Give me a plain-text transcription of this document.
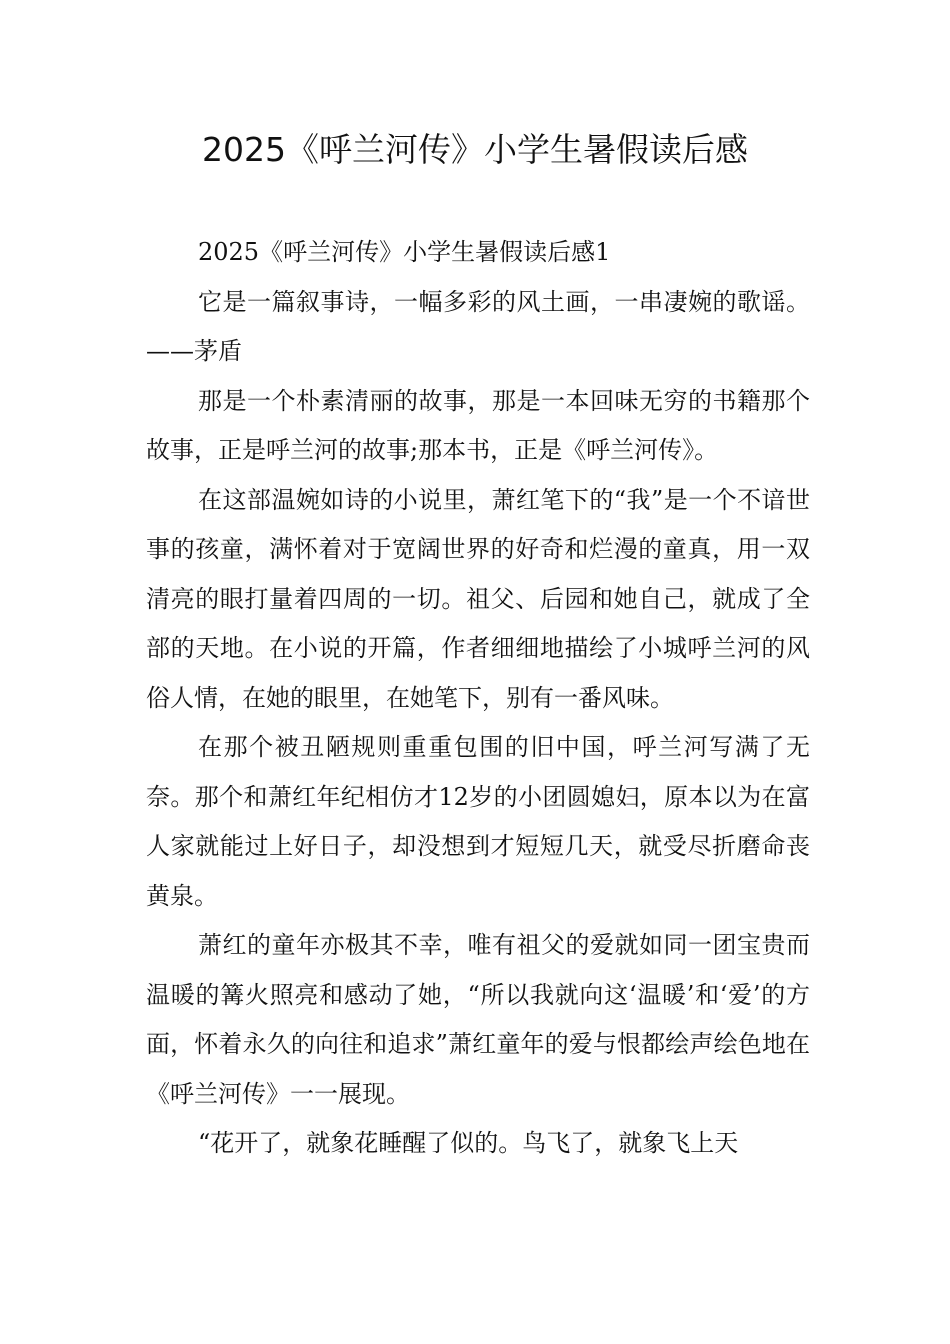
2025《呼兰河传》小学生暑假读后感

2025《呼兰河传》小学生暑假读后感1

它是一篇叙事诗，一幅多彩的风土画，一串凄婉的歌谣。——茅盾

那是一个朴素清丽的故事，那是一本回味无穷的书籍那个故事，正是呼兰河的故事;那本书，正是《呼兰河传》。

在这部温婉如诗的小说里，萧红笔下的“我”是一个不谙世事的孩童，满怀着对于宽阔世界的好奇和烂漫的童真，用一双清亮的眼打量着四周的一切。祖父、后园和她自己，就成了全部的天地。在小说的开篇，作者细细地描绘了小城呼兰河的风俗人情，在她的眼里，在她笔下，别有一番风味。

在那个被丑陋规则重重包围的旧中国，呼兰河写满了无奈。那个和萧红年纪相仿才12岁的小团圆媳妇，原本以为在富人家就能过上好日子，却没想到才短短几天，就受尽折磨命丧黄泉。

萧红的童年亦极其不幸，唯有祖父的爱就如同一团宝贵而温暖的篝火照亮和感动了她，“所以我就向这‘温暖’和‘爱’的方面，怀着永久的向往和追求”萧红童年的爱与恨都绘声绘色地在《呼兰河传》一一展现。

“花开了，就象花睡醒了似的。鸟飞了，就象飞上天
